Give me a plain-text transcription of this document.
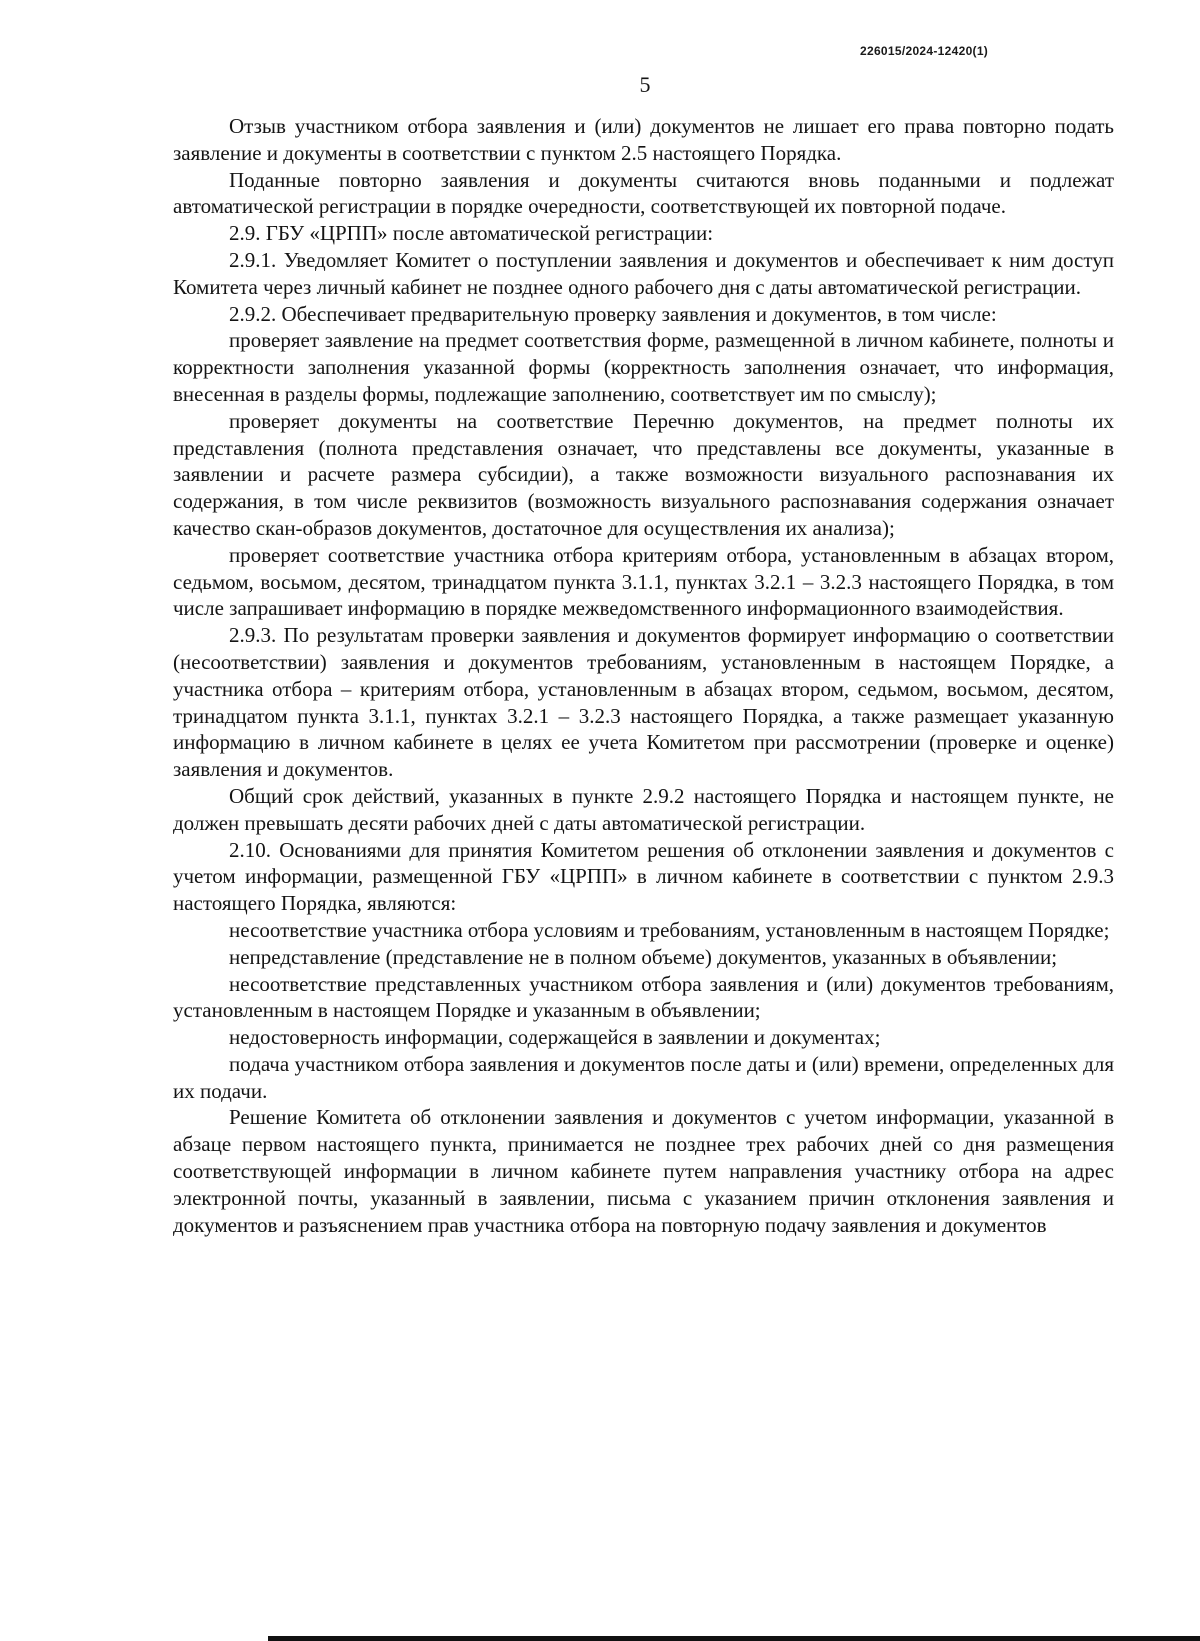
226015/2024-12420(1)
5

Отзыв участником отбора заявления и (или) документов не лишает его права повторно подать заявление и документы в соответствии с пунктом 2.5 настоящего Порядка.

Поданные повторно заявления и документы считаются вновь поданными и подлежат автоматической регистрации в порядке очередности, соответствующей их повторной подаче.

2.9. ГБУ «ЦРПП» после автоматической регистрации:

2.9.1. Уведомляет Комитет о поступлении заявления и документов и обеспечивает к ним доступ Комитета через личный кабинет не позднее одного рабочего дня с даты автоматической регистрации.

2.9.2. Обеспечивает предварительную проверку заявления и документов, в том числе:

проверяет заявление на предмет соответствия форме, размещенной в личном кабинете, полноты и корректности заполнения указанной формы (корректность заполнения означает, что информация, внесенная в разделы формы, подлежащие заполнению, соответствует им по смыслу);

проверяет документы на соответствие Перечню документов, на предмет полноты их представления (полнота представления означает, что представлены все документы, указанные в заявлении и расчете размера субсидии), а также возможности визуального распознавания их содержания, в том числе реквизитов (возможность визуального распознавания содержания означает качество скан-образов документов, достаточное для осуществления их анализа);

проверяет соответствие участника отбора критериям отбора, установленным в абзацах втором, седьмом, восьмом, десятом, тринадцатом пункта 3.1.1, пунктах 3.2.1 – 3.2.3 настоящего Порядка, в том числе запрашивает информацию в порядке межведомственного информационного взаимодействия.

2.9.3. По результатам проверки заявления и документов формирует информацию о соответствии (несоответствии) заявления и документов требованиям, установленным в настоящем Порядке, а участника отбора – критериям отбора, установленным в абзацах втором, седьмом, восьмом, десятом, тринадцатом пункта 3.1.1, пунктах 3.2.1 – 3.2.3 настоящего Порядка, а также размещает указанную информацию в личном кабинете в целях ее учета Комитетом при рассмотрении (проверке и оценке) заявления и документов.

Общий срок действий, указанных в пункте 2.9.2 настоящего Порядка и настоящем пункте, не должен превышать десяти рабочих дней с даты автоматической регистрации.

2.10. Основаниями для принятия Комитетом решения об отклонении заявления и документов с учетом информации, размещенной ГБУ «ЦРПП» в личном кабинете в соответствии с пунктом 2.9.3 настоящего Порядка, являются:

несоответствие участника отбора условиям и требованиям, установленным в настоящем Порядке;

непредставление (представление не в полном объеме) документов, указанных в объявлении;

несоответствие представленных участником отбора заявления и (или) документов требованиям, установленным в настоящем Порядке и указанным в объявлении;

недостоверность информации, содержащейся в заявлении и документах;

подача участником отбора заявления и документов после даты и (или) времени, определенных для их подачи.

Решение Комитета об отклонении заявления и документов с учетом информации, указанной в абзаце первом настоящего пункта, принимается не позднее трех рабочих дней со дня размещения соответствующей информации в личном кабинете путем направления участнику отбора на адрес электронной почты, указанный в заявлении, письма с указанием причин отклонения заявления и документов и разъяснением прав участника отбора на повторную подачу заявления и документов
